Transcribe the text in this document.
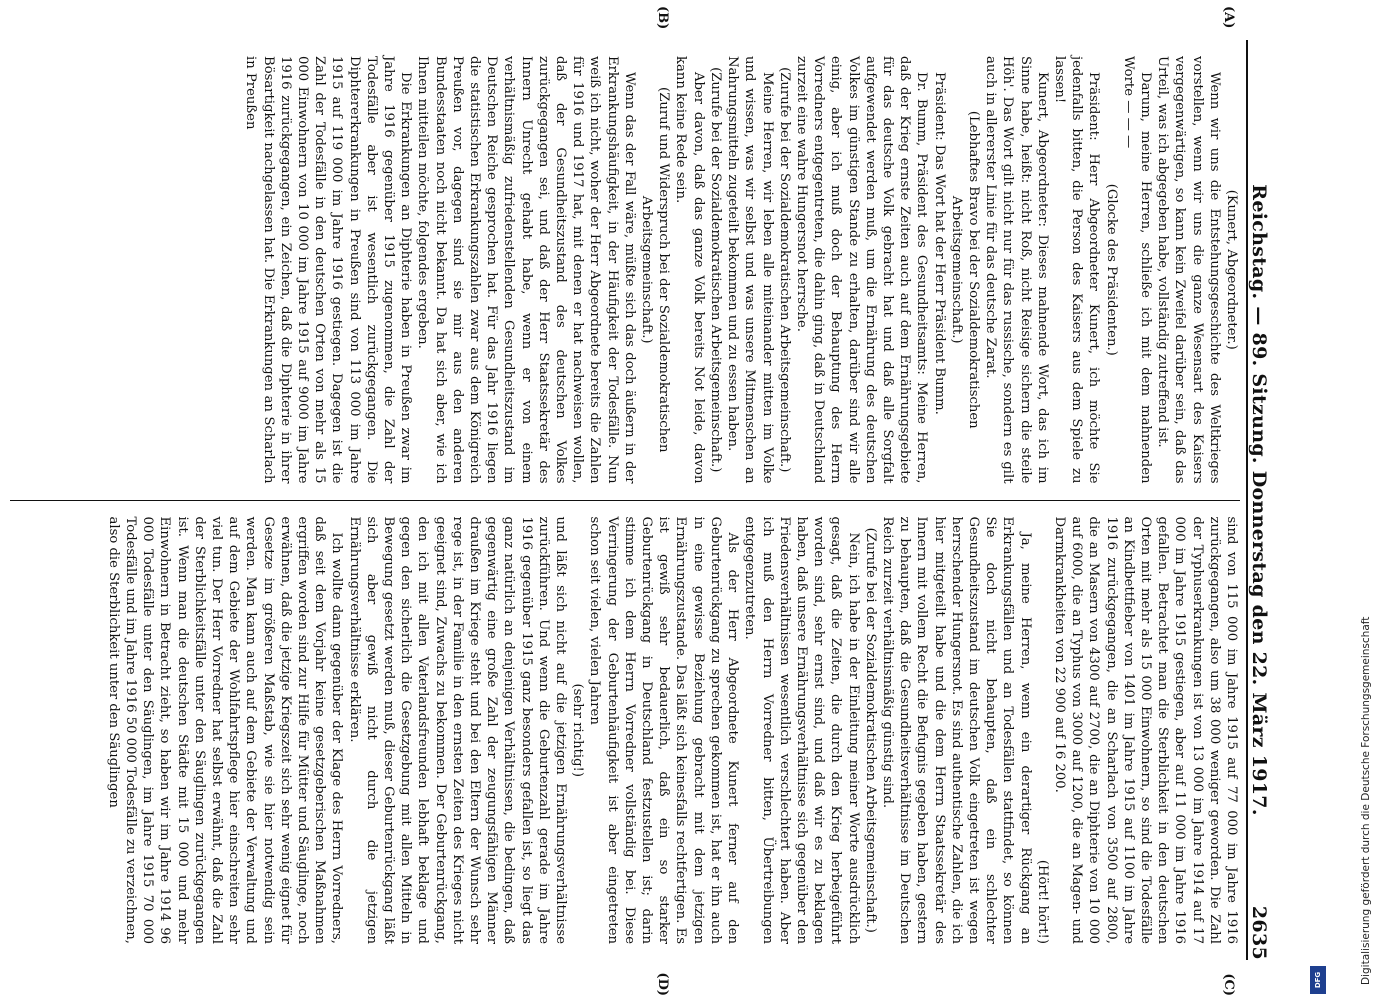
Reichstag. — 89. Sitzung. Donnerstag den 22. März 1917.
2635
(A)
(B)
(C)
(D)

(Kunert, Abgeordneter.)

Wenn wir uns die Entstehungsgeschichte des Weltkrieges vorstellen, wenn wir uns die ganze Wesensart des Kaisers vergegenwärtigen, so kann kein Zweifel darüber sein, daß das Urteil, was ich abgegeben habe, vollständig zutreffend ist.

Darum, meine Herren, schließe ich mit dem mahnenden Worte — — —

(Glocke des Präsidenten.)

Präsident: Herr Abgeordneter Kunert, ich möchte Sie jedenfalls bitten, die Person des Kaisers aus dem Spiele zu lassen!

Kunert, Abgeordneter: Dieses mahnende Wort, das ich im Sinne habe, heißt: nicht Roß, nicht Reisige sichern die steile Höh'. Das Wort gilt nicht nur für das russische, sondern es gilt auch in allererster Linie für das deutsche Zarat.

(Lebhaftes Bravo bei der Sozialdemokratischen Arbeitsgemeinschaft.)

Präsident: Das Wort hat der Herr Präsident Bumm.

Dr. Bumm, Präsident des Gesundheitsamts: Meine Herren, daß der Krieg ernste Zeiten auch auf dem Ernährungsgebiete für das deutsche Volk gebracht hat und daß alle Sorgfalt aufgewendet werden muß, um die Ernährung des deutschen Volkes im günstigen Stande zu erhalten, darüber sind wir alle einig, aber ich muß doch der Behauptung des Herrn Vorredners entgegentreten, die dahin ging, daß in Deutschland zurzeit eine wahre Hungersnot herrsche.

(Zurufe bei der Sozialdemokratischen Arbeitsgemeinschaft.)

Meine Herren, wir leben alle miteinander mitten im Volke und wissen, was wir selbst und was unsere Mitmenschen an Nahrungsmitteln zugeteilt bekommen und zu essen haben.

(Zurufe bei der Sozialdemokratischen Arbeitsgemeinschaft.)

Aber davon, daß das ganze Volk bereits Not leide, davon kann keine Rede sein.

(Zuruf und Widerspruch bei der Sozialdemokratischen Arbeitsgemeinschaft.)

Wenn das der Fall wäre, müßte sich das doch äußern in der Erkrankungshäufigkeit, in der Häufigkeit der Todesfälle. Nun weiß ich nicht, woher der Herr Abgeordnete bereits die Zahlen für 1916 und 1917 hat, mit denen er hat nachweisen wollen, daß der Gesundheitszustand des deutschen Volkes zurückgegangen sei, und daß der Herr Staatssekretär des Innern Unrecht gehabt habe, wenn er von einem verhältnismäßig zufriedenstellenden Gesundheitszustand im Deutschen Reiche gesprochen hat. Für das Jahr 1916 liegen die statistischen Erkrankungszahlen zwar aus dem Königreich Preußen vor, dagegen sind sie mir aus den anderen Bundesstaaten noch nicht bekannt. Da hat sich aber, wie ich Ihnen mitteilen möchte, folgendes ergeben.

Die Erkrankungen an Diphterie haben in Preußen zwar im Jahre 1916 gegenüber 1915 zugenommen, die Zahl der Todesfälle aber ist wesentlich zurückgegangen. Die Diphtererkrankungen in Preußen sind von 113 000 im Jahre 1915 auf 119 000 im Jahre 1916 gestiegen. Dagegen ist die Zahl der Todesfälle in den deutschen Orten von mehr als 15 000 Einwohnern von 10 000 im Jahre 1915 auf 9000 im Jahre 1916 zurückgegangen, ein Zeichen, daß die Diphterie in ihrer Bösartigkeit nachgelassen hat. Die Erkrankungen an Scharlach in Preußen

sind von 115 000 im Jahre 1915 auf 77 000 im Jahre 1916 zurückgegangen, also um 38 000 weniger geworden. Die Zahl der Typhuserkrankungen ist von 13 000 im Jahre 1914 auf 17 000 im Jahre 1915 gestiegen, aber auf 11 000 im Jahre 1916 gefallen. Betrachtet man die Sterblichkeit in den deutschen Orten mit mehr als 15 000 Einwohnern, so sind die Todesfälle an Kindbettfieber von 1401 im Jahre 1915 auf 1100 im Jahre 1916 zurückgegangen, die an Scharlach von 3500 auf 2800, die an Masern von 4300 auf 2700, die an Diphterie von 10 000 auf 6000, die an Typhus von 3000 auf 1200, die an Magen- und Darmkrankheiten von 22 900 auf 16 200.

(Hört! hört!)

Ja, meine Herren, wenn ein derartiger Rückgang an Erkrankungsfällen und an Todesfällen stattfindet, so können Sie doch nicht behaupten, daß ein schlechter Gesundheitszustand im deutschen Volk eingetreten ist wegen herrschender Hungersnot. Es sind authentische Zahlen, die ich hier mitgeteilt habe und die dem Herrn Staatssekretär des Innern mit vollem Recht die Befugnis gegeben haben, gestern zu behaupten, daß die Gesundheitsverhältnisse im Deutschen Reich zurzeit verhältnismäßig günstig sind.

(Zurufe bei der Sozialdemokratischen Arbeitsgemeinschaft.)

Nein, ich habe in der Einleitung meiner Worte ausdrücklich gesagt, daß die Zeiten, die durch den Krieg herbeigeführt worden sind, sehr ernst sind, und daß wir es zu beklagen haben, daß unsere Ernährungsverhältnisse sich gegenüber den Friedensverhältnissen wesentlich verschlechtert haben. Aber ich muß den Herrn Vorredner bitten, Übertreibungen entgegenzutreten.

Als der Herr Abgeordnete Kunert ferner auf den Geburtenrückgang zu sprechen gekommen ist, hat er ihn auch in eine gewisse Beziehung gebracht mit dem jetzigen Ernährungszustande. Das läßt sich keinesfalls rechtfertigen. Es ist gewiß sehr bedauerlich, daß ein so starker Geburtenrückgang in Deutschland festzustellen ist; darin stimme ich dem Herrn Vorredner vollständig bei. Diese Verringerung der Geburtenhäufigkeit ist aber eingetreten schon seit vielen, vielen Jahren

(sehr richtig!)

und läßt sich nicht auf die jetzigen Ernährungsverhältnisse zurückführen. Und wenn die Geburtenzahl gerade im Jahre 1916 gegenüber 1915 ganz besonders gefallen ist, so liegt das ganz natürlich an denjenigen Verhältnissen, die bedingen, daß gegenwärtig eine große Zahl der zeugungsfähigen Männer draußen im Kriege steht und bei den Eltern der Wunsch sehr rege ist, in der Familie in den ernsten Zeiten des Krieges nicht geeignet sind, Zuwachs zu bekommen. Der Geburtenrückgang, den ich mit allen Vaterlandsfreunden lebhaft beklage und gegen den sicherlich die Gesetzgebung mit allen Mitteln in Bewegung gesetzt werden muß, dieser Geburtenrückgang läßt sich aber gewiß nicht durch die jetzigen Ernährungsverhältnisse erklären.

Ich wollte dann gegenüber der Klage des Herrn Vorredners, daß seit dem Vorjahr keine gesetzgeberischen Maßnahmen ergriffen worden sind zur Hilfe für Mütter und Säuglinge, noch erwähnen, daß die jetzige Kriegszeit sich sehr wenig eignet für Gesetze im größeren Maßstab, wie sie hier notwendig sein werden. Man kann auch auf dem Gebiete der Verwaltung und auf dem Gebiete der Wohlfahrtspflege hier einschreiten sehr viel tun. Der Herr Vorredner hat selbst erwähnt, daß die Zahl der Sterblichkeitsfälle unter den Säuglingen zurückgegangen ist. Wenn man die deutschen Städte mit 15 000 und mehr Einwohnern in Betracht zieht, so haben wir im Jahre 1914 96 000 Todesfälle unter den Säuglingen, im Jahre 1915 70 000 Todesfälle und im Jahre 1916 50 000 Todesfälle zu verzeichnen, also die Sterblichkeit unter den Säuglingen	Digitalisierung gefördert durch die Deutsche Forschungsgemeinschaft
DFG
